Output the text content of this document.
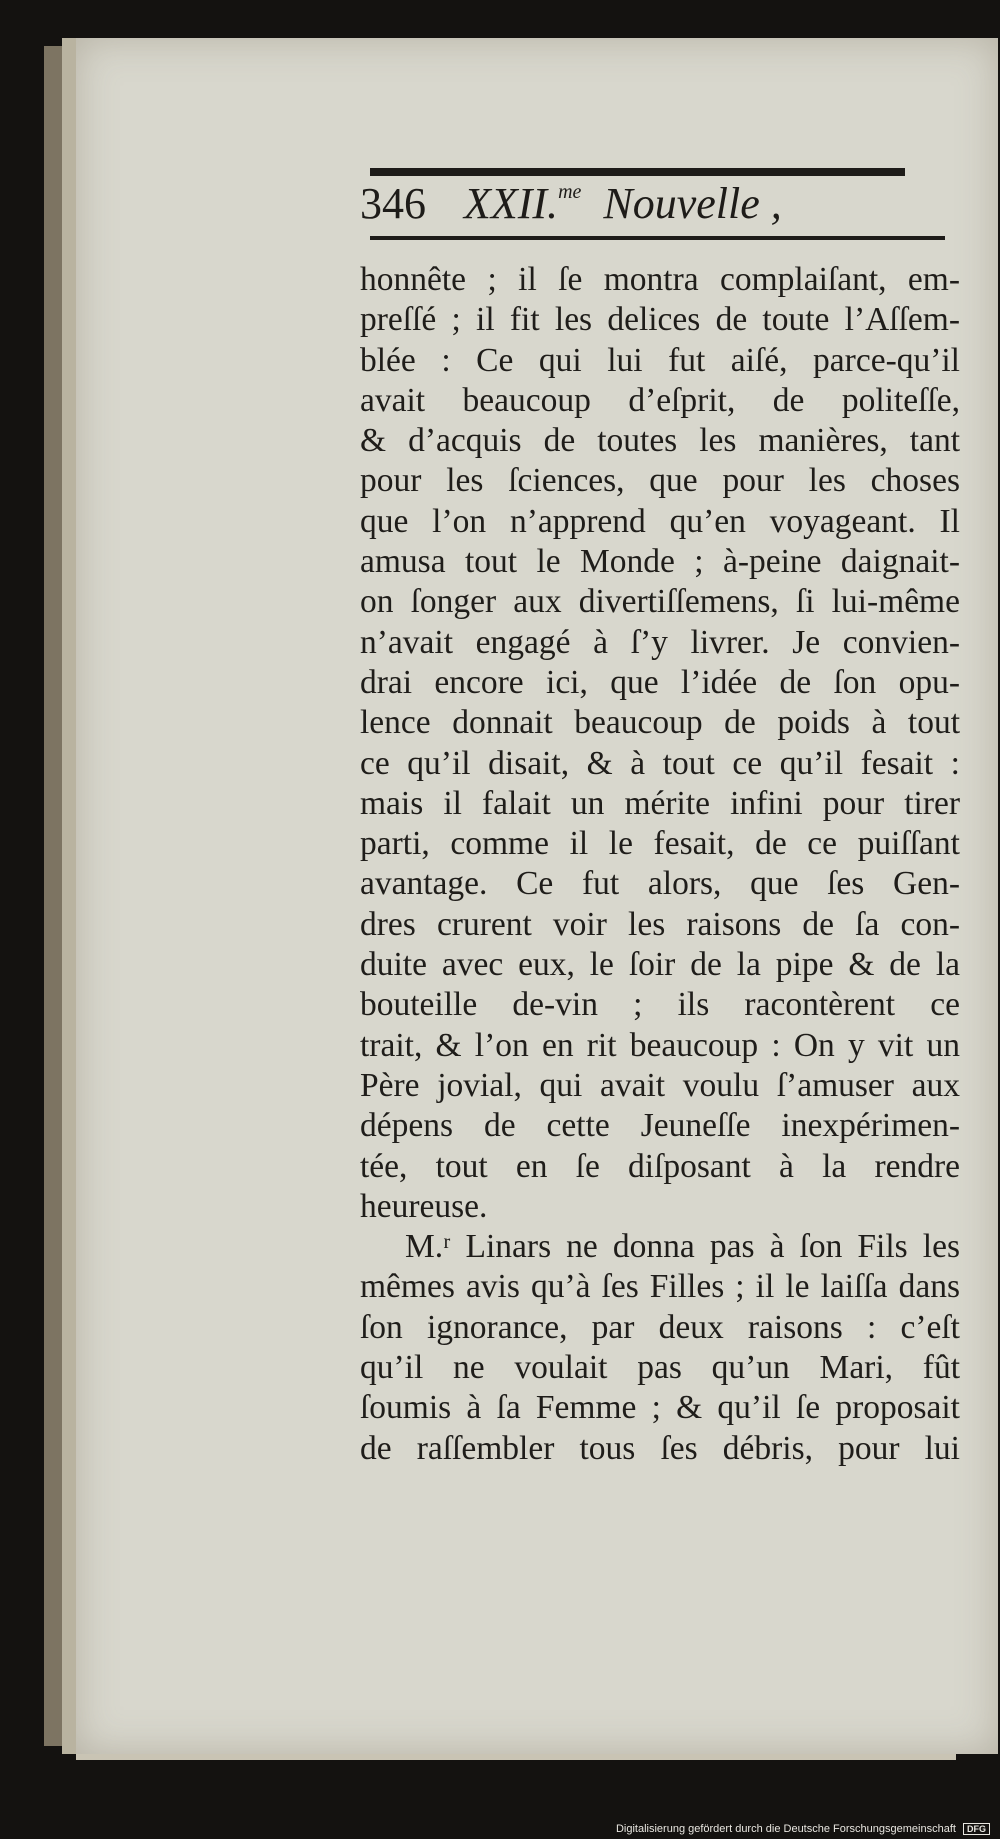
346 XXII.$^{me}$ Nouvelle ,
honnête ; il ſe montra complaiſant, em-
preſſé ; il fit les delices de toute l’Aſſem-
blée : Ce qui lui fut aiſé, parce-qu’il
avait beaucoup d’eſprit, de politeſſe,
& d’acquis de toutes les manières, tant
pour les ſciences, que pour les choses
que l’on n’apprend qu’en voyageant. Il
amusa tout le Monde ; à-peine daignait-
on ſonger aux divertiſſemens, ſi lui-même
n’avait engagé à ſ’y livrer. Je convien-
drai encore ici, que l’idée de ſon opu-
lence donnait beaucoup de poids à tout
ce qu’il disait, & à tout ce qu’il fesait :
mais il falait un mérite infini pour tirer
parti, comme il le fesait, de ce puiſſant
avantage. Ce fut alors, que ſes Gen-
dres crurent voir les raisons de ſa con-
duite avec eux, le ſoir de la pipe & de la
bouteille de-vin ; ils racontèrent ce
trait, & l’on en rit beaucoup : On y vit un
Père jovial, qui avait voulu ſ’amuser aux
dépens de cette Jeuneſſe inexpérimen-
tée, tout en ſe diſposant à la rendre
heureuse.
M.ʳ Linars ne donna pas à ſon Fils les
mêmes avis qu’à ſes Filles ; il le laiſſa dans
ſon ignorance, par deux raisons : c’eſt
qu’il ne voulait pas qu’un Mari, fût
ſoumis à ſa Femme ; & qu’il ſe proposait
de raſſembler tous ſes débris, pour lui
Digitalisierung gefördert durch die Deutsche Forschungsgemeinschaft DFG
